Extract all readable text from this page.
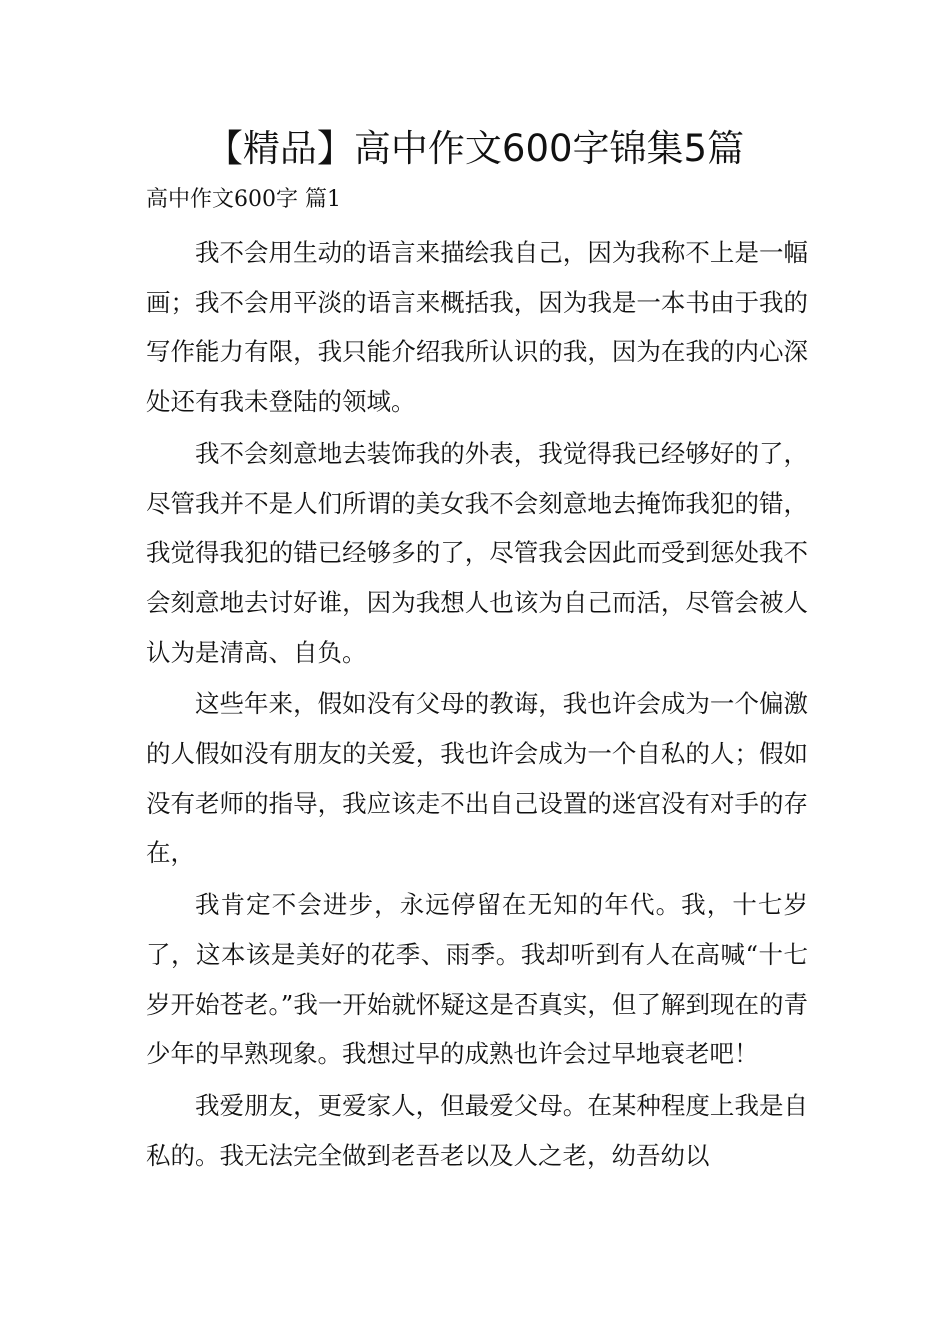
【精品】高中作文600字锦集5篇
高中作文600字 篇1

我不会用生动的语言来描绘我自己，因为我称不上是一幅画；我不会用平淡的语言来概括我，因为我是一本书由于我的写作能力有限，我只能介绍我所认识的我，因为在我的内心深处还有我未登陆的领域。

我不会刻意地去装饰我的外表，我觉得我已经够好的了，尽管我并不是人们所谓的美女我不会刻意地去掩饰我犯的错，我觉得我犯的错已经够多的了，尽管我会因此而受到惩处我不会刻意地去讨好谁，因为我想人也该为自己而活，尽管会被人认为是清高、自负。

这些年来，假如没有父母的教诲，我也许会成为一个偏激的人假如没有朋友的关爱，我也许会成为一个自私的人；假如没有老师的指导，我应该走不出自己设置的迷宫没有对手的存在，

我肯定不会进步，永远停留在无知的年代。我，十七岁了，这本该是美好的花季、雨季。我却听到有人在高喊“十七岁开始苍老。”我一开始就怀疑这是否真实，但了解到现在的青少年的早熟现象。我想过早的成熟也许会过早地衰老吧！

我爱朋友，更爱家人，但最爱父母。在某种程度上我是自私的。我无法完全做到老吾老以及人之老，幼吾幼以
